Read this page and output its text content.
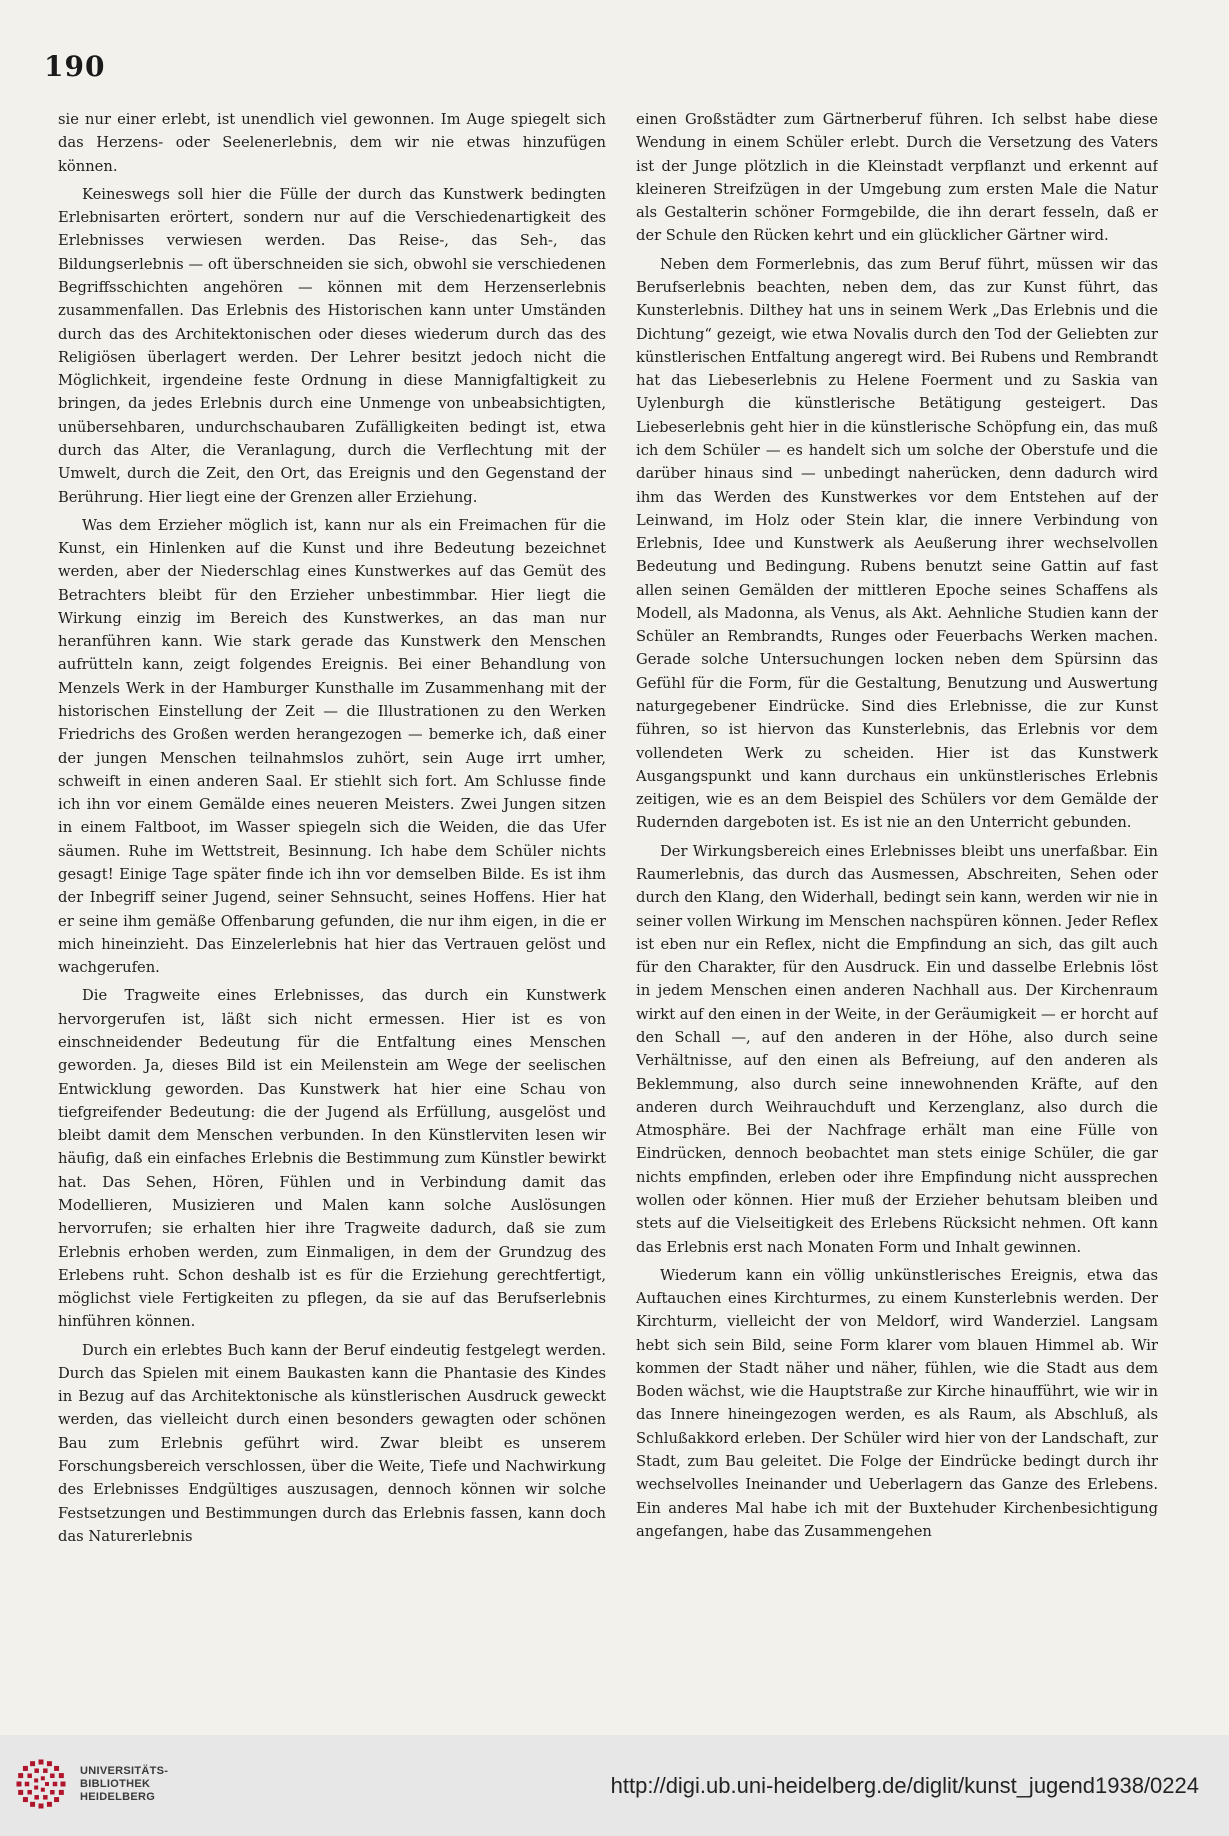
190

sie nur einer erlebt, ist unendlich viel gewonnen. Im Auge spiegelt sich das Herzens- oder Seelenerlebnis, dem wir nie etwas hinzufügen können.

Keineswegs soll hier die Fülle der durch das Kunstwerk bedingten Erlebnisarten erörtert, sondern nur auf die Verschiedenartigkeit des Erlebnisses verwiesen werden. Das Reise-, das Seh-, das Bildungserlebnis — oft überschneiden sie sich, obwohl sie verschiedenen Begriffsschichten angehören — können mit dem Herzenserlebnis zusammenfallen. Das Erlebnis des Historischen kann unter Umständen durch das des Architektonischen oder dieses wiederum durch das des Religiösen überlagert werden. Der Lehrer besitzt jedoch nicht die Möglichkeit, irgendeine feste Ordnung in diese Mannigfaltigkeit zu bringen, da jedes Erlebnis durch eine Unmenge von unbeabsichtigten, unübersehbaren, undurchschaubaren Zufälligkeiten bedingt ist, etwa durch das Alter, die Veranlagung, durch die Verflechtung mit der Umwelt, durch die Zeit, den Ort, das Ereignis und den Gegenstand der Berührung. Hier liegt eine der Grenzen aller Erziehung.

Was dem Erzieher möglich ist, kann nur als ein Freimachen für die Kunst, ein Hinlenken auf die Kunst und ihre Bedeutung bezeichnet werden, aber der Niederschlag eines Kunstwerkes auf das Gemüt des Betrachters bleibt für den Erzieher unbestimmbar. Hier liegt die Wirkung einzig im Bereich des Kunstwerkes, an das man nur heranführen kann. Wie stark gerade das Kunstwerk den Menschen aufrütteln kann, zeigt folgendes Ereignis. Bei einer Behandlung von Menzels Werk in der Hamburger Kunsthalle im Zusammenhang mit der historischen Einstellung der Zeit — die Illustrationen zu den Werken Friedrichs des Großen werden herangezogen — bemerke ich, daß einer der jungen Menschen teilnahmslos zuhört, sein Auge irrt umher, schweift in einen anderen Saal. Er stiehlt sich fort. Am Schlusse finde ich ihn vor einem Gemälde eines neueren Meisters. Zwei Jungen sitzen in einem Faltboot, im Wasser spiegeln sich die Weiden, die das Ufer säumen. Ruhe im Wettstreit, Besinnung. Ich habe dem Schüler nichts gesagt! Einige Tage später finde ich ihn vor demselben Bilde. Es ist ihm der Inbegriff seiner Jugend, seiner Sehnsucht, seines Hoffens. Hier hat er seine ihm gemäße Offenbarung gefunden, die nur ihm eigen, in die er mich hineinzieht. Das Einzelerlebnis hat hier das Vertrauen gelöst und wachgerufen.

Die Tragweite eines Erlebnisses, das durch ein Kunstwerk hervorgerufen ist, läßt sich nicht ermessen. Hier ist es von einschneidender Bedeutung für die Entfaltung eines Menschen geworden. Ja, dieses Bild ist ein Meilenstein am Wege der seelischen Entwicklung geworden. Das Kunstwerk hat hier eine Schau von tiefgreifender Bedeutung: die der Jugend als Erfüllung, ausgelöst und bleibt damit dem Menschen verbunden. In den Künstlerviten lesen wir häufig, daß ein einfaches Erlebnis die Bestimmung zum Künstler bewirkt hat. Das Sehen, Hören, Fühlen und in Verbindung damit das Modellieren, Musizieren und Malen kann solche Auslösungen hervorrufen; sie erhalten hier ihre Tragweite dadurch, daß sie zum Erlebnis erhoben werden, zum Einmaligen, in dem der Grundzug des Erlebens ruht. Schon deshalb ist es für die Erziehung gerechtfertigt, möglichst viele Fertigkeiten zu pflegen, da sie auf das Berufserlebnis hinführen können.

Durch ein erlebtes Buch kann der Beruf eindeutig festgelegt werden. Durch das Spielen mit einem Baukasten kann die Phantasie des Kindes in Bezug auf das Architektonische als künstlerischen Ausdruck geweckt werden, das vielleicht durch einen besonders gewagten oder schönen Bau zum Erlebnis geführt wird. Zwar bleibt es unserem Forschungsbereich verschlossen, über die Weite, Tiefe und Nachwirkung des Erlebnisses Endgültiges auszusagen, dennoch können wir solche Festsetzungen und Bestimmungen durch das Erlebnis fassen, kann doch das Naturerlebnis

einen Großstädter zum Gärtnerberuf führen. Ich selbst habe diese Wendung in einem Schüler erlebt. Durch die Versetzung des Vaters ist der Junge plötzlich in die Kleinstadt verpflanzt und erkennt auf kleineren Streifzügen in der Umgebung zum ersten Male die Natur als Gestalterin schöner Formgebilde, die ihn derart fesseln, daß er der Schule den Rücken kehrt und ein glücklicher Gärtner wird.

Neben dem Formerlebnis, das zum Beruf führt, müssen wir das Berufserlebnis beachten, neben dem, das zur Kunst führt, das Kunsterlebnis. Dilthey hat uns in seinem Werk „Das Erlebnis und die Dichtung“ gezeigt, wie etwa Novalis durch den Tod der Geliebten zur künstlerischen Entfaltung angeregt wird. Bei Rubens und Rembrandt hat das Liebeserlebnis zu Helene Foerment und zu Saskia van Uylenburgh die künstlerische Betätigung gesteigert. Das Liebeserlebnis geht hier in die künstlerische Schöpfung ein, das muß ich dem Schüler — es handelt sich um solche der Oberstufe und die darüber hinaus sind — unbedingt naherücken, denn dadurch wird ihm das Werden des Kunstwerkes vor dem Entstehen auf der Leinwand, im Holz oder Stein klar, die innere Verbindung von Erlebnis, Idee und Kunstwerk als Aeußerung ihrer wechselvollen Bedeutung und Bedingung. Rubens benutzt seine Gattin auf fast allen seinen Gemälden der mittleren Epoche seines Schaffens als Modell, als Madonna, als Venus, als Akt. Aehnliche Studien kann der Schüler an Rembrandts, Runges oder Feuerbachs Werken machen. Gerade solche Untersuchungen locken neben dem Spürsinn das Gefühl für die Form, für die Gestaltung, Benutzung und Auswertung naturgegebener Eindrücke. Sind dies Erlebnisse, die zur Kunst führen, so ist hiervon das Kunsterlebnis, das Erlebnis vor dem vollendeten Werk zu scheiden. Hier ist das Kunstwerk Ausgangspunkt und kann durchaus ein unkünstlerisches Erlebnis zeitigen, wie es an dem Beispiel des Schülers vor dem Gemälde der Rudernden dargeboten ist. Es ist nie an den Unterricht gebunden.

Der Wirkungsbereich eines Erlebnisses bleibt uns unerfaßbar. Ein Raumerlebnis, das durch das Ausmessen, Abschreiten, Sehen oder durch den Klang, den Widerhall, bedingt sein kann, werden wir nie in seiner vollen Wirkung im Menschen nachspüren können. Jeder Reflex ist eben nur ein Reflex, nicht die Empfindung an sich, das gilt auch für den Charakter, für den Ausdruck. Ein und dasselbe Erlebnis löst in jedem Menschen einen anderen Nachhall aus. Der Kirchenraum wirkt auf den einen in der Weite, in der Geräumigkeit — er horcht auf den Schall —, auf den anderen in der Höhe, also durch seine Verhältnisse, auf den einen als Befreiung, auf den anderen als Beklemmung, also durch seine innewohnenden Kräfte, auf den anderen durch Weihrauchduft und Kerzenglanz, also durch die Atmosphäre. Bei der Nachfrage erhält man eine Fülle von Eindrücken, dennoch beobachtet man stets einige Schüler, die gar nichts empfinden, erleben oder ihre Empfindung nicht aussprechen wollen oder können. Hier muß der Erzieher behutsam bleiben und stets auf die Vielseitigkeit des Erlebens Rücksicht nehmen. Oft kann das Erlebnis erst nach Monaten Form und Inhalt gewinnen.

Wiederum kann ein völlig unkünstlerisches Ereignis, etwa das Auftauchen eines Kirchturmes, zu einem Kunsterlebnis werden. Der Kirchturm, vielleicht der von Meldorf, wird Wanderziel. Langsam hebt sich sein Bild, seine Form klarer vom blauen Himmel ab. Wir kommen der Stadt näher und näher, fühlen, wie die Stadt aus dem Boden wächst, wie die Hauptstraße zur Kirche hinaufführt, wie wir in das Innere hineingezogen werden, es als Raum, als Abschluß, als Schlußakkord erleben. Der Schüler wird hier von der Landschaft, zur Stadt, zum Bau geleitet. Die Folge der Eindrücke bedingt durch ihr wechselvolles Ineinander und Ueberlagern das Ganze des Erlebens. Ein anderes Mal habe ich mit der Buxtehuder Kirchenbesichtigung angefangen, habe das Zusammengehen

UNIVERSITÄTS-
BIBLIOTHEK
HEIDELBERG	http://digi.ub.uni-heidelberg.de/diglit/kunst_jugend1938/0224
